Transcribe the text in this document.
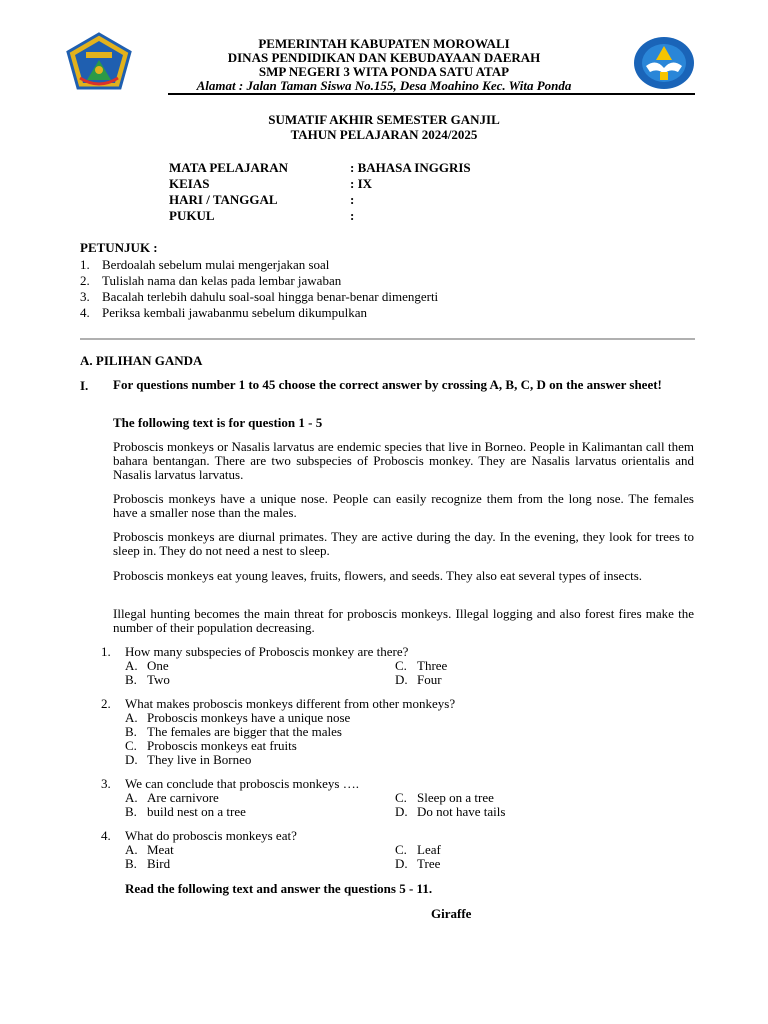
PEMERINTAH KABUPATEN MOROWALI
DINAS PENDIDIKAN DAN KEBUDAYAAN DAERAH
SMP NEGERI 3 WITA PONDA SATU ATAP
Alamat : Jalan Taman Siswa No.155, Desa Moahino Kec. Wita Ponda
SUMATIF AKHIR SEMESTER GANJIL
TAHUN PELAJARAN 2024/2025
MATA PELAJARAN	: BAHASA INGGRIS
KEIAS	: IX
HARI / TANGGAL	:
PUKUL	:
PETUNJUK :
1. Berdoalah sebelum mulai mengerjakan soal
2. Tulislah nama dan kelas pada lembar jawaban
3. Bacalah terlebih dahulu soal-soal hingga benar-benar dimengerti
4. Periksa kembali jawabanmu sebelum dikumpulkan
A. PILIHAN GANDA
I. For questions number 1 to 45 choose the correct answer by crossing A, B, C, D on the answer sheet!
The following text is for question 1 - 5
Proboscis monkeys or Nasalis larvatus are endemic species that live in Borneo. People in Kalimantan call them bahara bentangan. There are two subspecies of Proboscis monkey. They are Nasalis larvatus orientalis and Nasalis larvatus larvatus.
Proboscis monkeys have a unique nose. People can easily recognize them from the long nose. The females have a smaller nose than the males.
Proboscis monkeys are diurnal primates. They are active during the day. In the evening, they look for trees to sleep in. They do not need a nest to sleep.
Proboscis monkeys eat young leaves, fruits, flowers, and seeds. They also eat several types of insects.
Illegal hunting becomes the main threat for proboscis monkeys. Illegal logging and also forest fires make the number of their population decreasing.
1. How many subspecies of Proboscis monkey are there?
A. One
B. Two
C. Three
D. Four
2. What makes proboscis monkeys different from other monkeys?
A. Proboscis monkeys have a unique nose
B. The females are bigger that the males
C. Proboscis monkeys eat fruits
D. They live in Borneo
3. We can conclude that proboscis monkeys ….
A. Are carnivore
B. build nest on a tree
C. Sleep on a tree
D. Do not have tails
4. What do proboscis monkeys eat?
A. Meat
B. Bird
C. Leaf
D. Tree
Read the following text and answer the questions 5 - 11.
Giraffe
